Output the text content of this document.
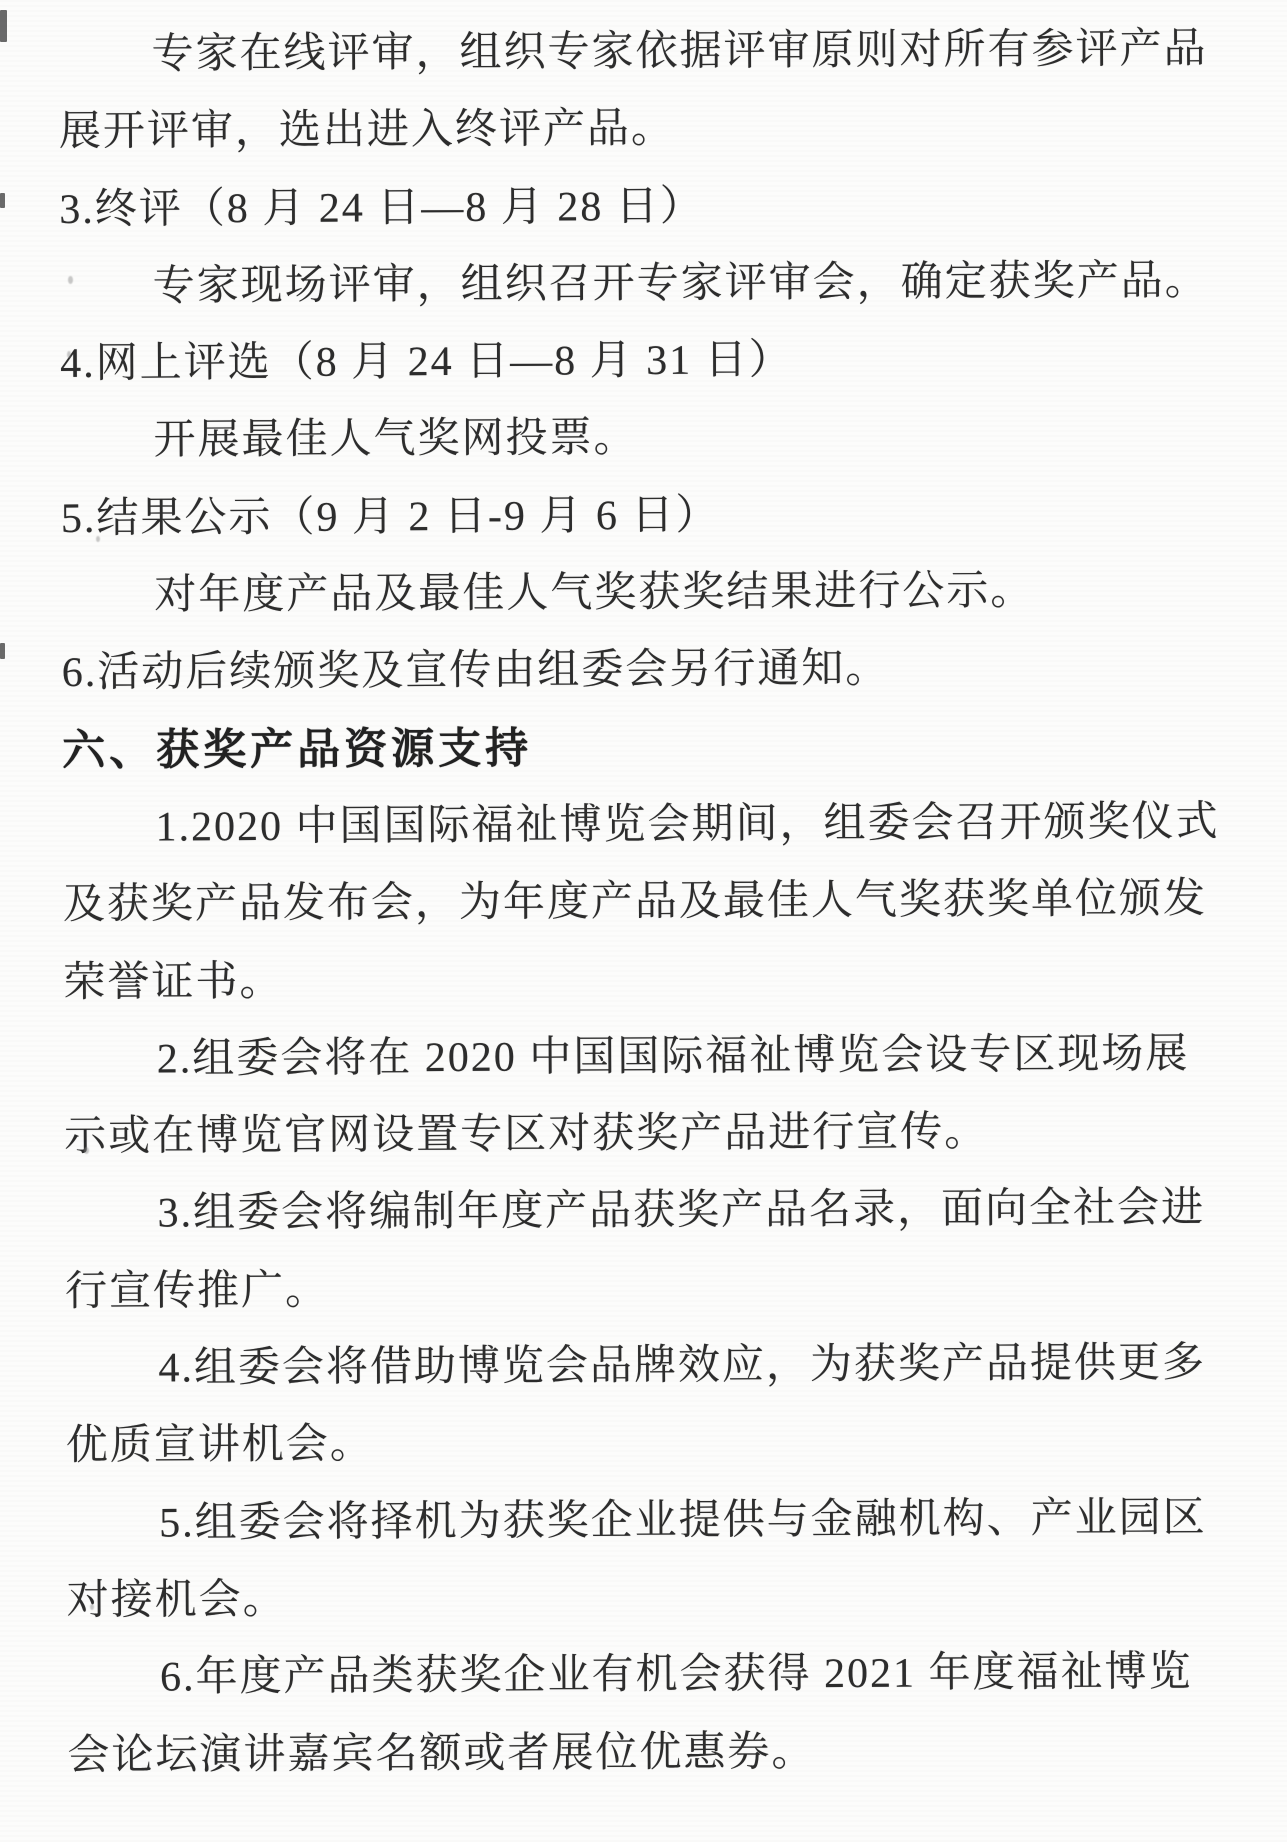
专家在线评审，组织专家依据评审原则对所有参评产品
展开评审，选出进入终评产品。
3.终评（8 月 24 日—8 月 28 日）
专家现场评审，组织召开专家评审会，确定获奖产品。
4.网上评选（8 月 24 日—8 月 31 日）
开展最佳人气奖网投票。
5.结果公示（9 月 2 日-9 月 6 日）
对年度产品及最佳人气奖获奖结果进行公示。
6.活动后续颁奖及宣传由组委会另行通知。
六、获奖产品资源支持
1.2020 中国国际福祉博览会期间，组委会召开颁奖仪式
及获奖产品发布会，为年度产品及最佳人气奖获奖单位颁发
荣誉证书。
2.组委会将在 2020 中国国际福祉博览会设专区现场展
示或在博览官网设置专区对获奖产品进行宣传。
3.组委会将编制年度产品获奖产品名录，面向全社会进
行宣传推广。
4.组委会将借助博览会品牌效应，为获奖产品提供更多
优质宣讲机会。
5.组委会将择机为获奖企业提供与金融机构、产业园区
对接机会。
6.年度产品类获奖企业有机会获得 2021 年度福祉博览
会论坛演讲嘉宾名额或者展位优惠券。
